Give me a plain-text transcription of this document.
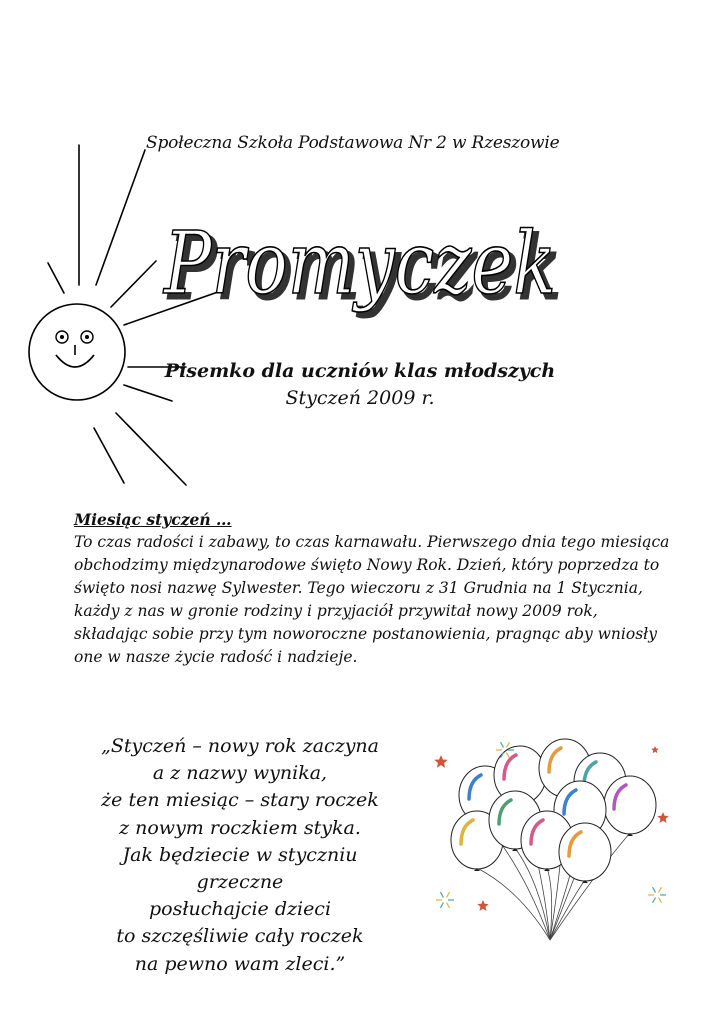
Społeczna Szkoła Podstawowa Nr 2 w Rzeszowie
Promyczek
Promyczek
Pisemko dla uczniów klas młodszych
Styczeń 2009 r.
Miesiąc styczeń …

To czas radości i zabawy, to czas karnawału. Pierwszego dnia tego miesiąca obchodzimy międzynarodowe święto Nowy Rok. Dzień, który poprzedza to święto nosi nazwę Sylwester. Tego wieczoru z 31 Grudnia na 1 Stycznia, każdy z nas w gronie rodziny i przyjaciół przywitał nowy 2009 rok, składając sobie przy tym noworoczne postanowienia, pragnąc aby wniosły one w nasze życie radość i nadzieje.

„Styczeń – nowy rok zaczyna
a z nazwy wynika,
że ten miesiąc – stary roczek
z nowym roczkiem styka.
Jak będziecie w styczniu
grzeczne
posłuchajcie dzieci
to szczęśliwie cały roczek
na pewno wam zleci.”
